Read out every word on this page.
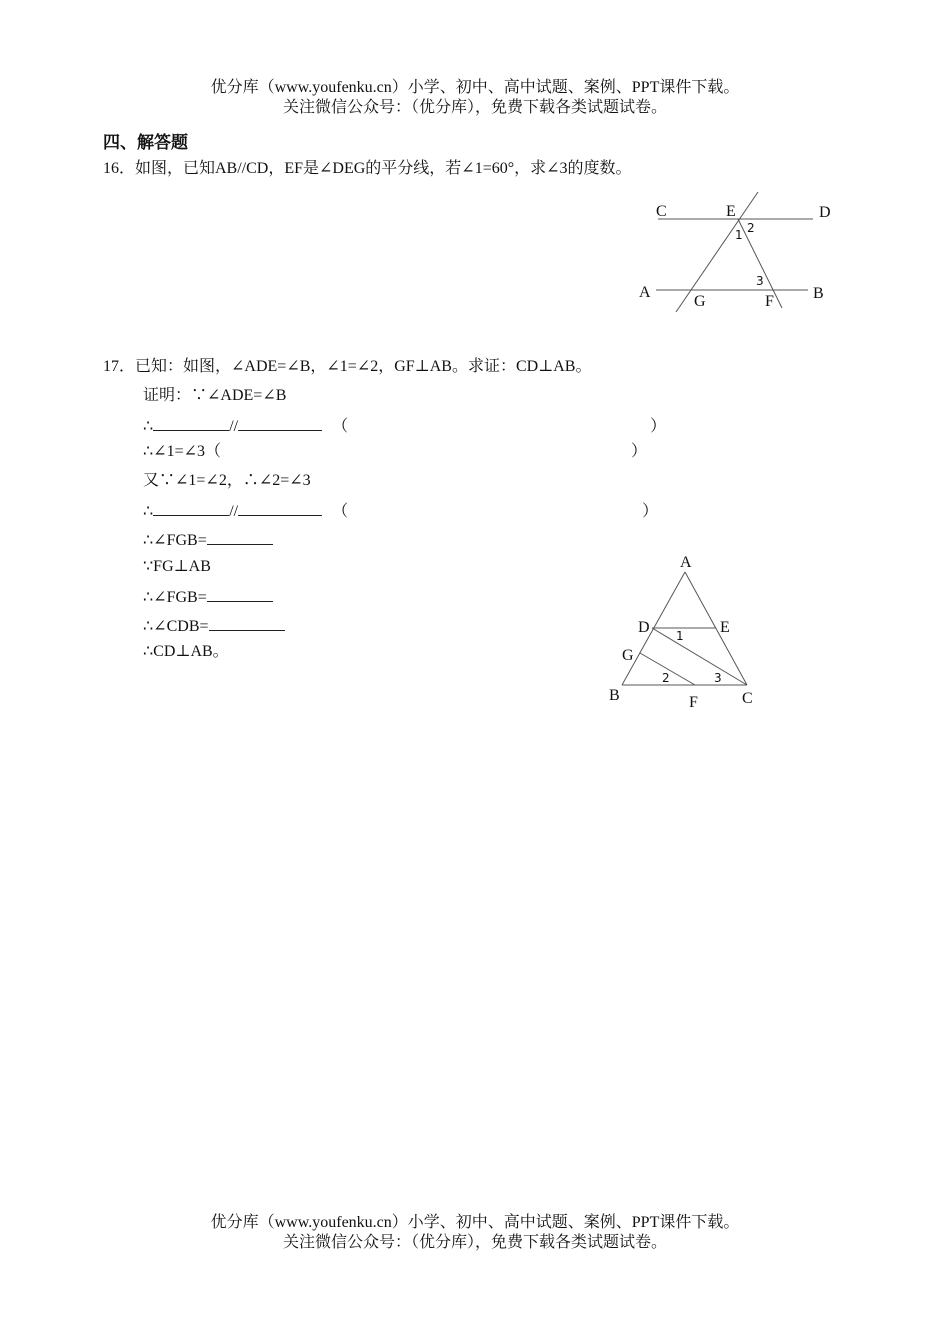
优分库（www.youfenku.cn）小学、初中、高中试题、案例、PPT课件下载。
关注微信公众号：（优分库），免费下载各类试题试卷。
四、解答题
16．如图，已知AB//CD，EF是∠DEG的平分线，若∠1=60°，求∠3的度数。
C	E	D
A
G	F B
1 2
3
17．已知：如图，∠ADE=∠B，∠1=∠2，GF⊥AB。求证：CD⊥AB。
证明：∵∠ADE=∠B
∴	//	（	）
∴∠1=∠3（	）
又∵∠1=∠2，∴∠2=∠3
∴	//	（	）
∴∠FGB=
∵FG⊥AB
∴∠FGB=
∴∠CDB=
∴CD⊥AB。
A
D	E
G
B	F	C
1
2	3
优分库（www.youfenku.cn）小学、初中、高中试题、案例、PPT课件下载。
关注微信公众号：（优分库），免费下载各类试题试卷。
